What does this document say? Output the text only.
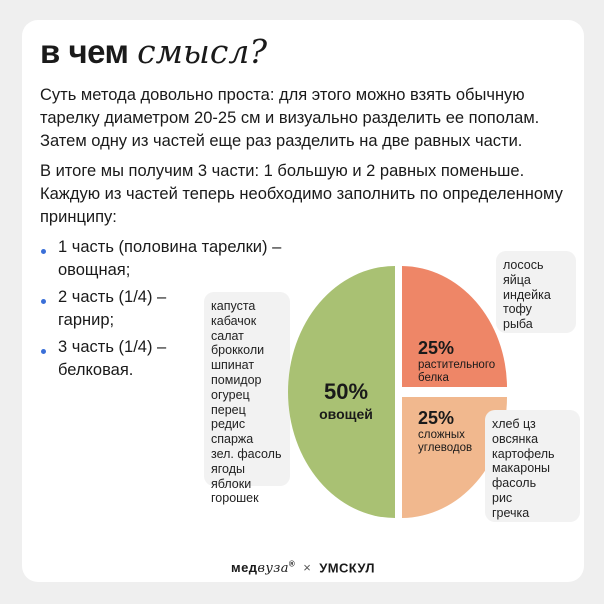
в чем смысл?

Суть метода довольно проста: для этого можно взять обычную тарелку диаметром 20-25 см и визуально разделить ее пополам. Затем одну из частей еще раз разделить на две равных части.

В итоге мы получим 3 части: 1 большую и 2 равных поменьше. Каждую из частей теперь необходимо заполнить по определенному принципу:

1 часть (половина тарелки) –
овощная;
2 часть (1/4) –
гарнир;
3 часть (1/4) –
белковая.
капуста
кабачок
салат
брокколи
шпинат
помидор
огурец
перец
редис
спаржа
зел. фасоль
ягоды
яблоки
горошек
50%
овощей
25%
растительного
белка
25%
сложных
углеводов
лосось
яйца
индейка
тофу
рыба
хлеб цз
овсянка
картофель
макароны
фасоль
рис
гречка
медвуза® × УМСКУЛ
